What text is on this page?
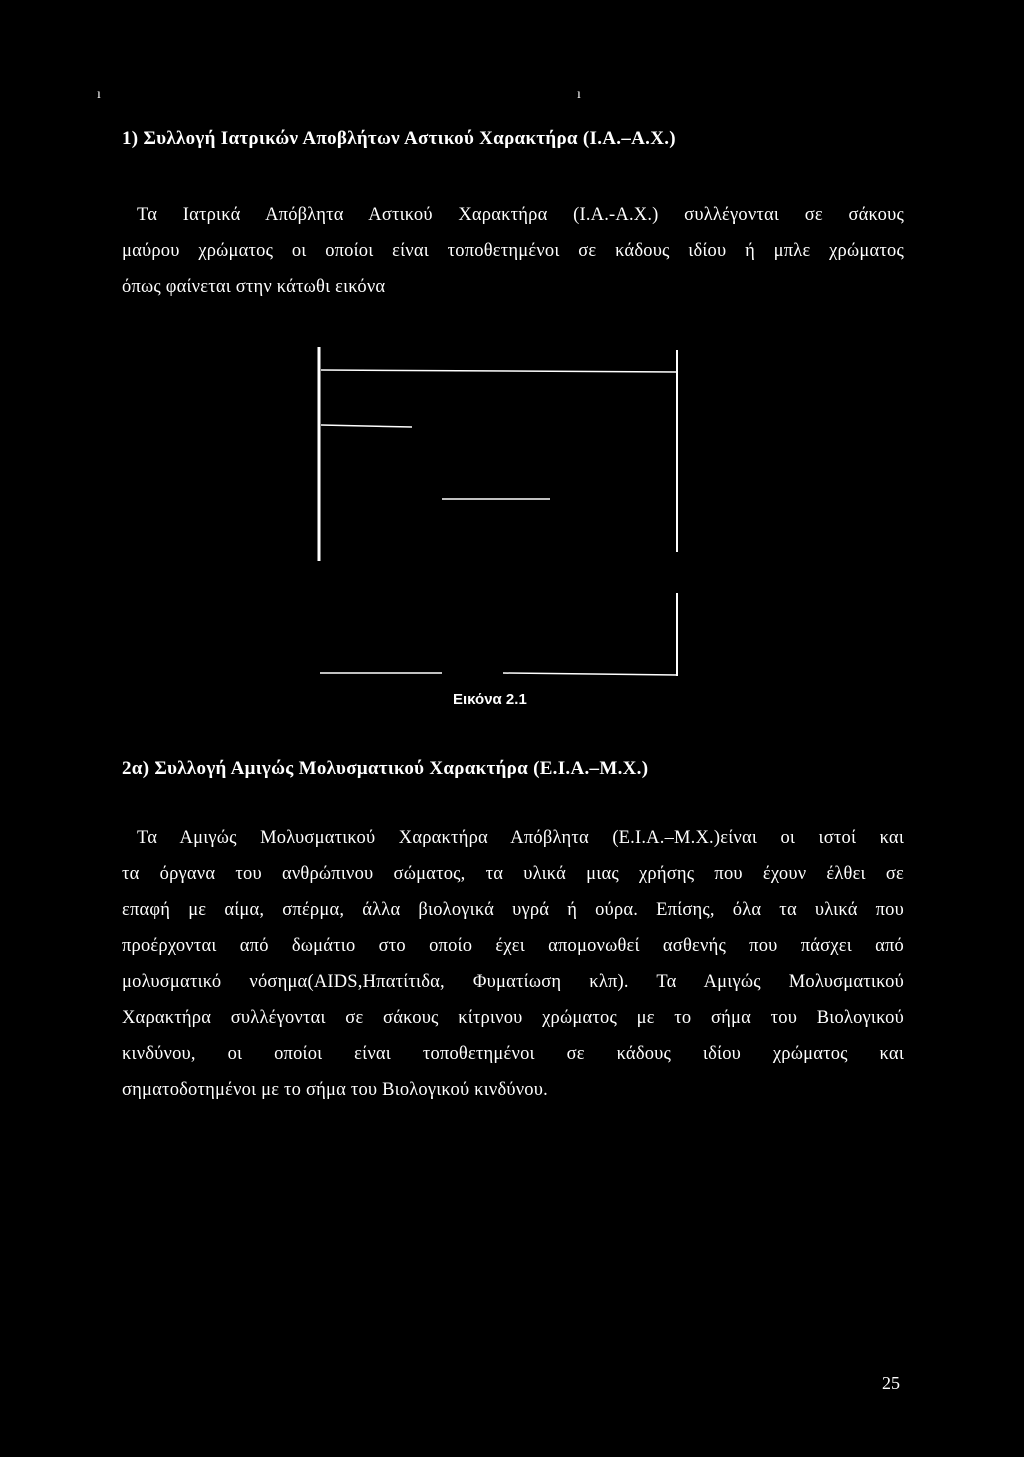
ı	ı
1) Συλλογή Ιατρικών Αποβλήτων Αστικού Χαρακτήρα (Ι.Α.–Α.Χ.)
Τα Ιατρικά Απόβλητα Αστικού Χαρακτήρα (Ι.Α.-Α.Χ.) συλλέγονται σε σάκους
μαύρου χρώματος οι οποίοι είναι τοποθετημένοι σε κάδους ιδίου ή μπλε χρώματος
όπως φαίνεται στην κάτωθι εικόνα

Εικόνα 2.1

2α) Συλλογή Αμιγώς Μολυσματικού Χαρακτήρα (Ε.Ι.Α.–Μ.Χ.)
Τα Αμιγώς Μολυσματικού Χαρακτήρα Απόβλητα (Ε.Ι.Α.–Μ.Χ.)είναι οι ιστοί και
τα όργανα του ανθρώπινου σώματος, τα υλικά μιας χρήσης που έχουν έλθει σε
επαφή με αίμα, σπέρμα, άλλα βιολογικά υγρά ή ούρα. Επίσης, όλα τα υλικά που
προέρχονται από δωμάτιο στο οποίο έχει απομονωθεί ασθενής που πάσχει από
μολυσματικό νόσημα(AIDS,Ηπατίτιδα, Φυματίωση κλπ). Τα Αμιγώς Μολυσματικού
Χαρακτήρα συλλέγονται σε σάκους κίτρινου χρώματος με το σήμα του Βιολογικού
κινδύνου, οι οποίοι είναι τοποθετημένοι σε κάδους ιδίου χρώματος και
σηματοδοτημένοι με το σήμα του Βιολογικού κινδύνου.
25
